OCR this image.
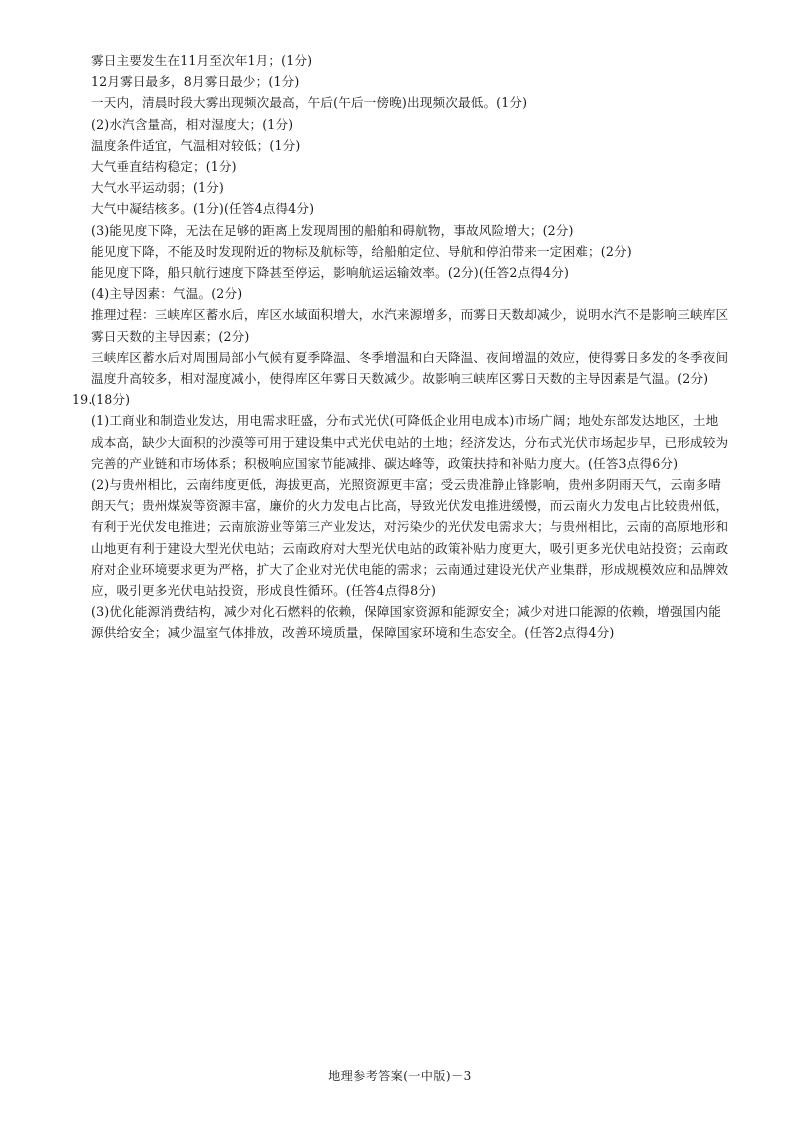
雾日主要发生在11月至次年1月；(1分)
12月雾日最多，8月雾日最少；(1分)
一天内，清晨时段大雾出现频次最高，午后(午后一傍晚)出现频次最低。(1分)
(2)水汽含量高，相对湿度大；(1分)
温度条件适宜，气温相对较低；(1分)
大气垂直结构稳定；(1分)
大气水平运动弱；(1分)
大气中凝结核多。(1分)(任答4点得4分)
(3)能见度下降，无法在足够的距离上发现周围的船舶和碍航物，事故风险增大；(2分)
能见度下降，不能及时发现附近的物标及航标等，给船舶定位、导航和停泊带来一定困难；(2分)
能见度下降，船只航行速度下降甚至停运，影响航运运输效率。(2分)(任答2点得4分)
(4)主导因素：气温。(2分)
推理过程：三峡库区蓄水后，库区水域面积增大，水汽来源增多，而雾日天数却减少，说明水汽不是影响三峡库区雾日天数的主导因素；(2分)
三峡库区蓄水后对周围局部小气候有夏季降温、冬季增温和白天降温、夜间增温的效应，使得雾日多发的冬季夜间温度升高较多，相对湿度减小，使得库区年雾日天数减少。故影响三峡库区雾日天数的主导因素是气温。(2分)
19.
(18分)
(1)工商业和制造业发达，用电需求旺盛，分布式光伏(可降低企业用电成本)市场广阔；地处东部发达地区，土地成本高，缺少大面积的沙漠等可用于建设集中式光伏电站的土地；经济发达，分布式光伏市场起步早，已形成较为完善的产业链和市场体系；积极响应国家节能减排、碳达峰等，政策扶持和补贴力度大。(任答3点得6分)
(2)与贵州相比，云南纬度更低，海拔更高，光照资源更丰富；受云贵准静止锋影响，贵州多阴雨天气，云南多晴朗天气；贵州煤炭等资源丰富，廉价的火力发电占比高，导致光伏发电推进缓慢，而云南火力发电占比较贵州低，有利于光伏发电推进；云南旅游业等第三产业发达，对污染少的光伏发电需求大；与贵州相比，云南的高原地形和山地更有利于建设大型光伏电站；云南政府对大型光伏电站的政策补贴力度更大，吸引更多光伏电站投资；云南政府对企业环境要求更为严格，扩大了企业对光伏电能的需求；云南通过建设光伏产业集群，形成规模效应和品牌效应，吸引更多光伏电站投资，形成良性循环。(任答4点得8分)
(3)优化能源消费结构，减少对化石燃料的依赖，保障国家资源和能源安全；减少对进口能源的依赖，增强国内能源供给安全；减少温室气体排放，改善环境质量，保障国家环境和生态安全。(任答2点得4分)
地理参考答案(一中版)－3
